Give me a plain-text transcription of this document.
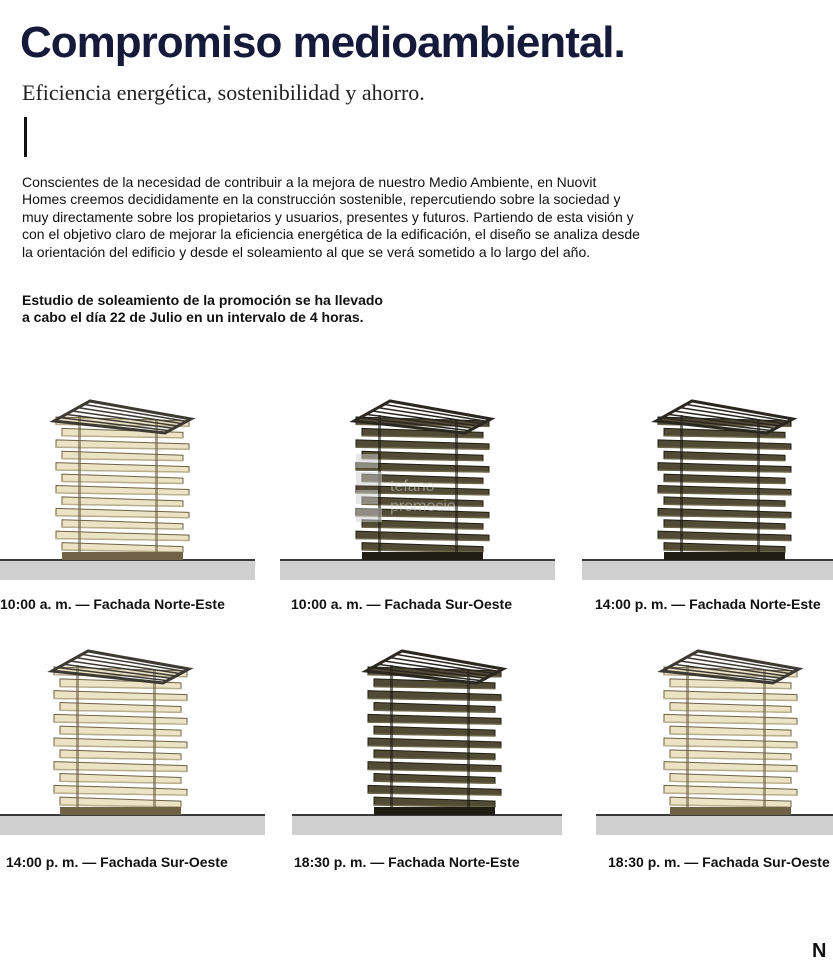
Compromiso medioambiental.

Eficiencia energética, sostenibilidad y ahorro.

Conscientes de la necesidad de contribuir a la mejora de nuestro Medio Ambiente, en Nuovit Homes creemos decididamente en la construcción sostenible, repercutiendo sobre la sociedad y muy directamente sobre los propietarios y usuarios, presentes y futuros. Partiendo de esta visión y con el objetivo claro de mejorar la eficiencia energética de la edificación, el diseño se analiza desde la orientación del edificio y desde el soleamiento al que se verá sometido a lo largo del año.

Estudio de soleamiento de la promoción se ha llevado
a cabo el día 22 de Julio en un intervalo de 4 horas.
10:00 a. m. — Fachada Norte-Este	10:00 a. m. — Fachada Sur-Oeste	14:00 p. m. — Fachada Norte-Este
14:00 p. m. — Fachada Sur-Oeste	18:30 p. m. — Fachada Norte-Este	18:30 p. m. — Fachada Sur-Oeste
tefano
promocio
N
